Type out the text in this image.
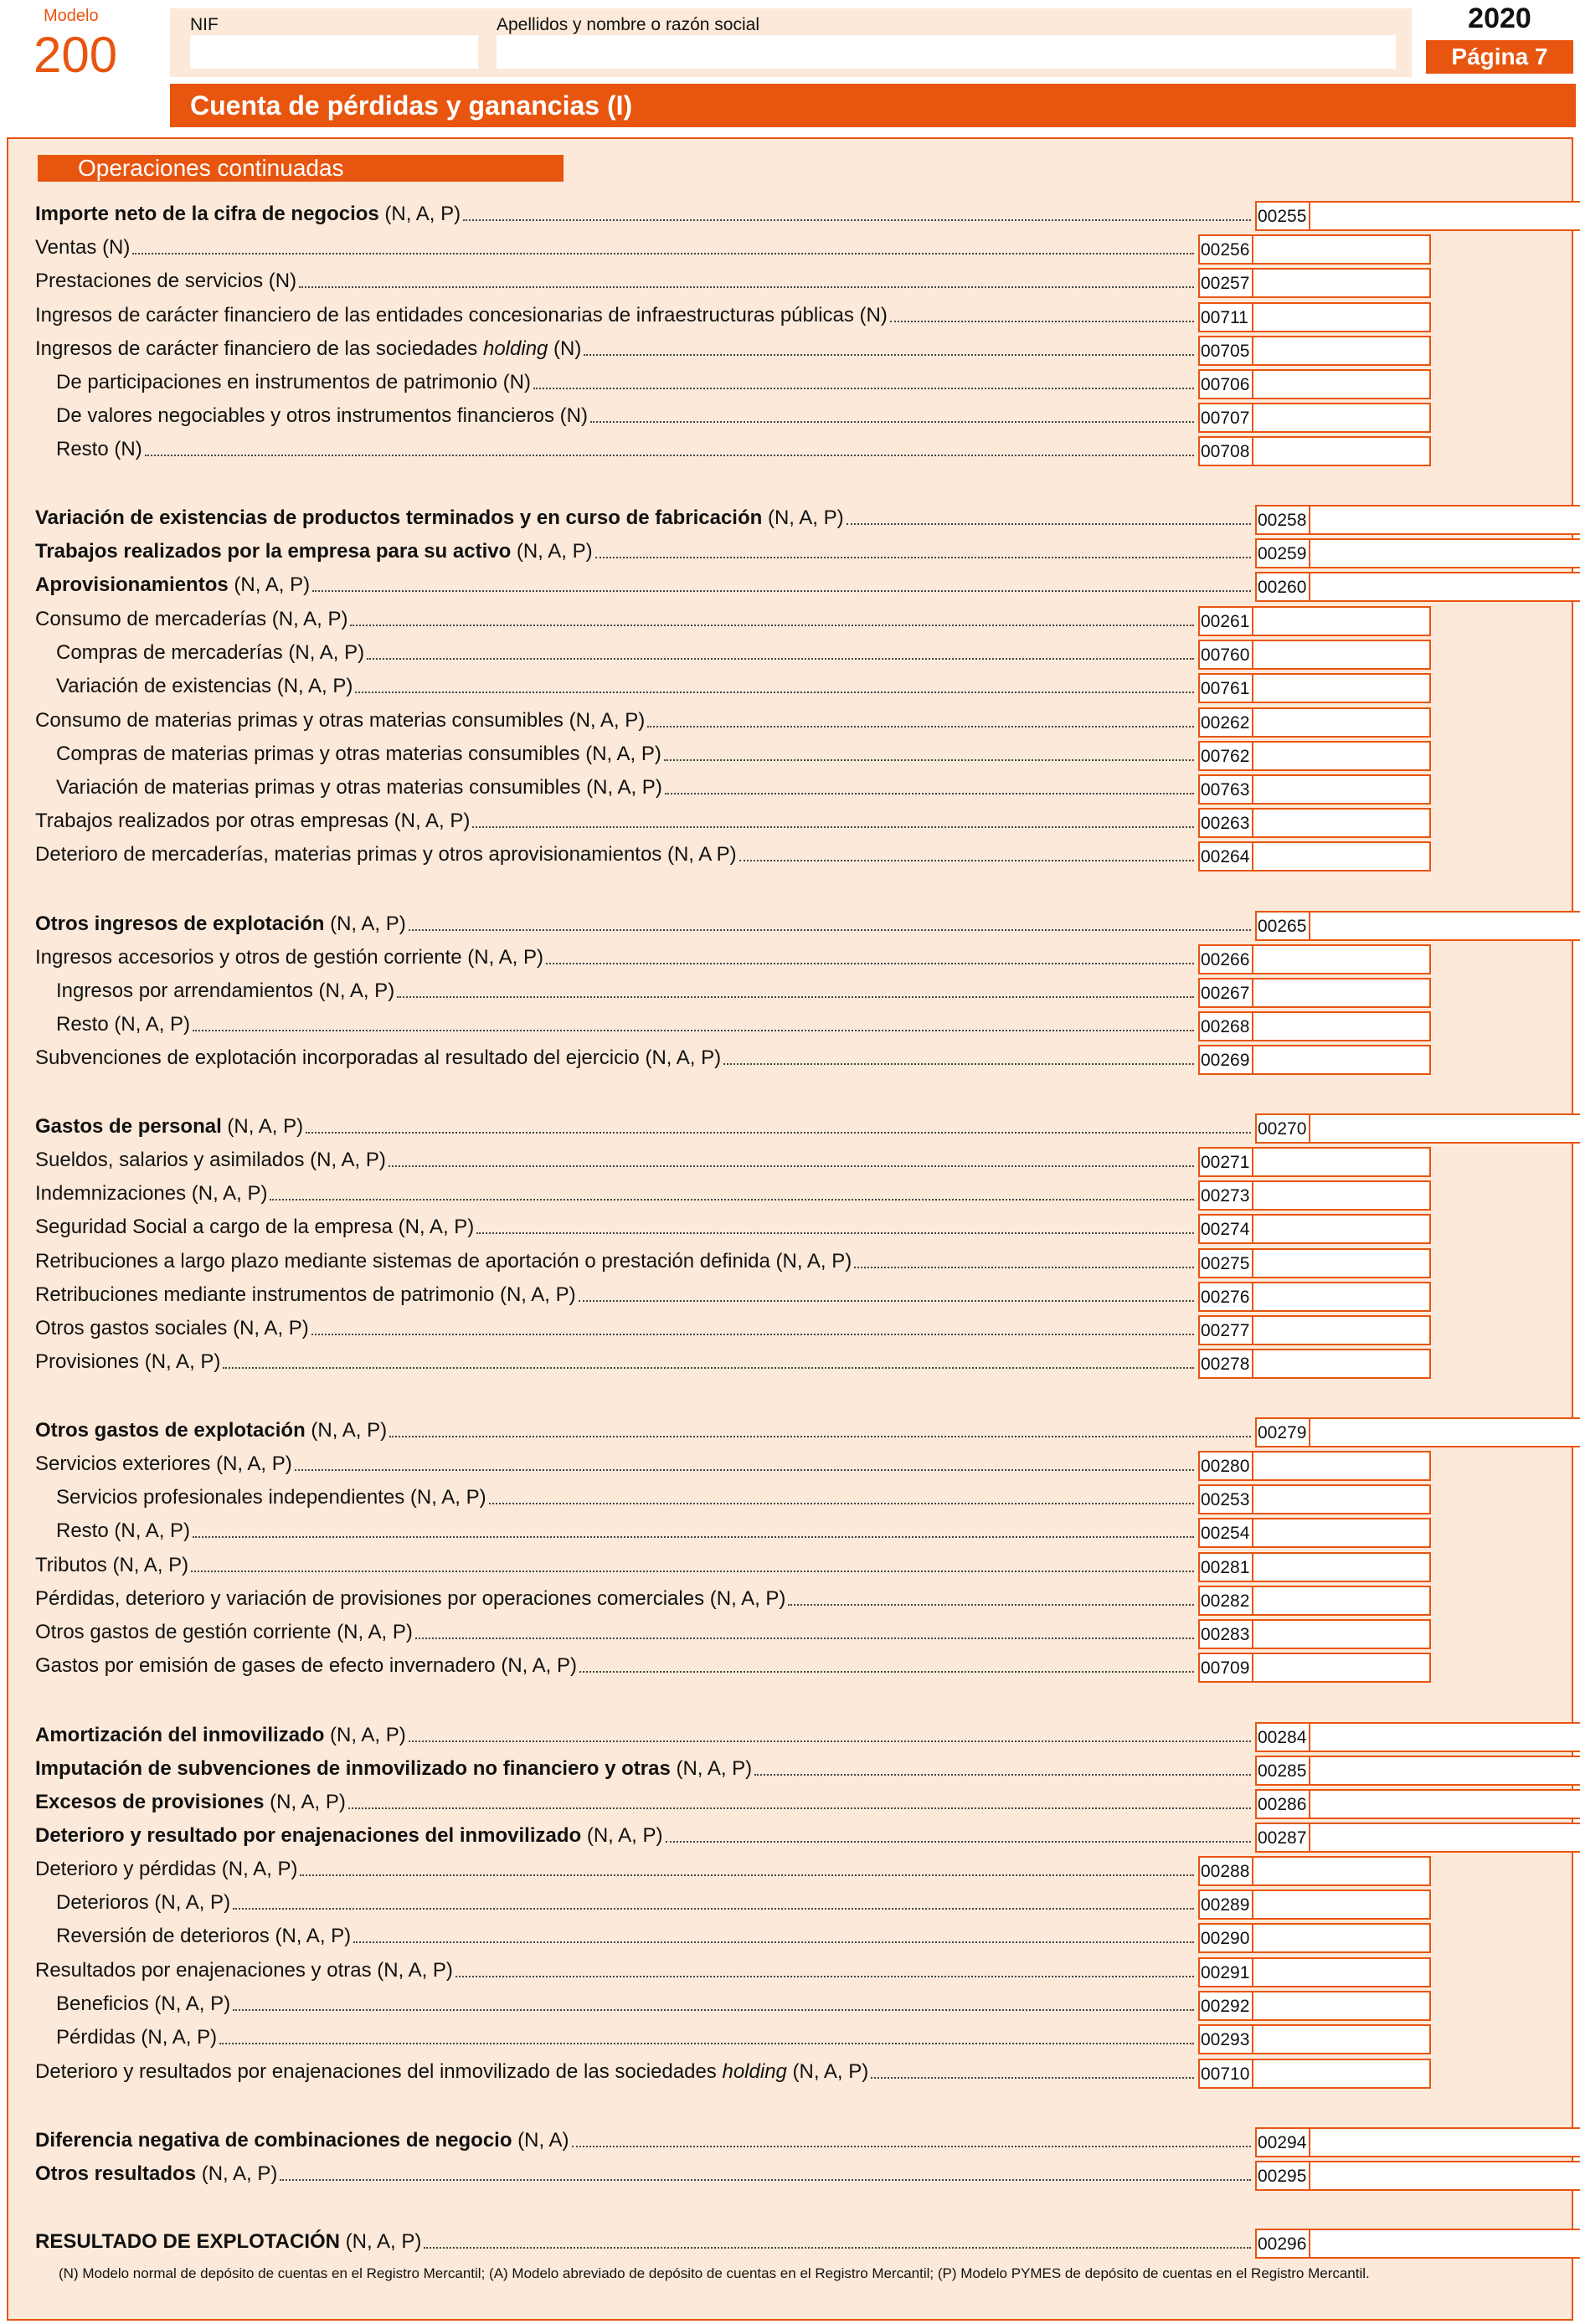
Modelo
200
NIF	Apellidos y nombre o razón social	2020
Página 7
Cuenta de pérdidas y ganancias (I)
Operaciones continuadas
Importe neto de la cifra de negocios (N, A, P)	00255
Ventas (N)	00256
Prestaciones de servicios (N)	00257
Ingresos de carácter financiero de las entidades concesionarias de infraestructuras públicas (N)	00711
Ingresos de carácter financiero de las sociedades holding (N)	00705
De participaciones en instrumentos de patrimonio (N)	00706
De valores negociables y otros instrumentos financieros (N)	00707
Resto (N)	00708
Variación de existencias de productos terminados y en curso de fabricación (N, A, P)	00258
Trabajos realizados por la empresa para su activo (N, A, P)	00259
Aprovisionamientos (N, A, P)	00260
Consumo de mercaderías (N, A, P)	00261
Compras de mercaderías (N, A, P)	00760
Variación de existencias (N, A, P)	00761
Consumo de materias primas y otras materias consumibles (N, A, P)	00262
Compras de materias primas y otras materias consumibles (N, A, P)	00762
Variación de materias primas y otras materias consumibles (N, A, P)	00763
Trabajos realizados por otras empresas (N, A, P)	00263
Deterioro de mercaderías, materias primas y otros aprovisionamientos (N, A P)	00264
Otros ingresos de explotación (N, A, P)	00265
Ingresos accesorios y otros de gestión corriente (N, A, P)	00266
Ingresos por arrendamientos (N, A, P)	00267
Resto (N, A, P)	00268
Subvenciones de explotación incorporadas al resultado del ejercicio (N, A, P)	00269
Gastos de personal (N, A, P)	00270
Sueldos, salarios y asimilados (N, A, P)	00271
Indemnizaciones (N, A, P)	00273
Seguridad Social a cargo de la empresa (N, A, P)	00274
Retribuciones a largo plazo mediante sistemas de aportación o prestación definida (N, A, P)	00275
Retribuciones mediante instrumentos de patrimonio (N, A, P)	00276
Otros gastos sociales (N, A, P)	00277
Provisiones (N, A, P)	00278
Otros gastos de explotación (N, A, P)	00279
Servicios exteriores (N, A, P)	00280
Servicios profesionales independientes (N, A, P)	00253
Resto (N, A, P)	00254
Tributos (N, A, P)	00281
Pérdidas, deterioro y variación de provisiones por operaciones comerciales (N, A, P)	00282
Otros gastos de gestión corriente (N, A, P)	00283
Gastos por emisión de gases de efecto invernadero (N, A, P)	00709
Amortización del inmovilizado (N, A, P)	00284
Imputación de subvenciones de inmovilizado no financiero y otras (N, A, P)	00285
Excesos de provisiones (N, A, P)	00286
Deterioro y resultado por enajenaciones del inmovilizado (N, A, P)	00287
Deterioro y pérdidas (N, A, P)	00288
Deterioros (N, A, P)	00289
Reversión de deterioros (N, A, P)	00290
Resultados por enajenaciones y otras (N, A, P)	00291
Beneficios (N, A, P)	00292
Pérdidas (N, A, P)	00293
Deterioro y resultados por enajenaciones del inmovilizado de las sociedades holding (N, A, P)	00710
Diferencia negativa de combinaciones de negocio (N, A)	00294
Otros resultados (N, A, P)	00295
RESULTADO DE EXPLOTACIÓN (N, A, P)	00296
(N) Modelo normal de depósito de cuentas en el Registro Mercantil; (A) Modelo abreviado de depósito de cuentas en el Registro Mercantil; (P) Modelo PYMES de depósito de cuentas en el Registro Mercantil.
